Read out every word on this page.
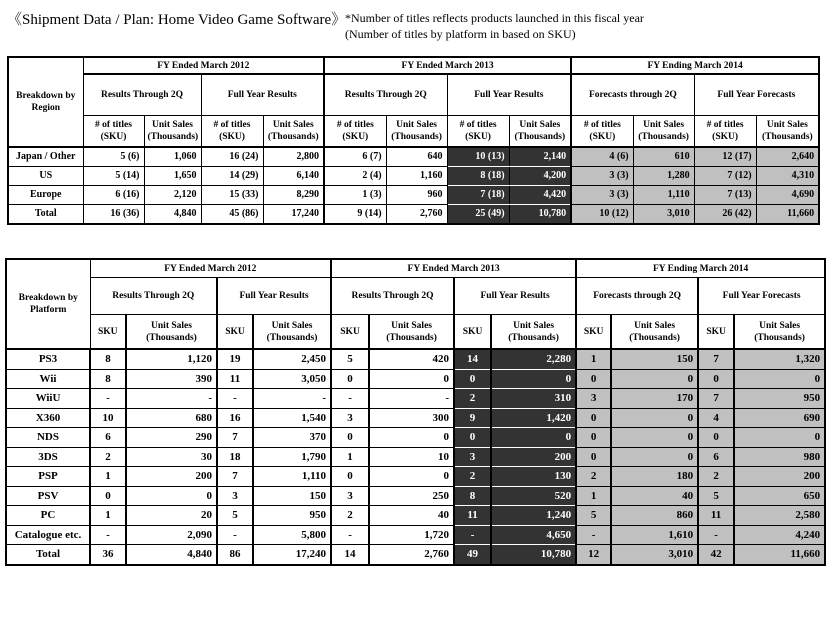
《Shipment Data / Plan: Home Video Game Software》
*Number of titles reflects products launched in this fiscal year
(Number of titles by platform in based on SKU)
Breakdown by Region	FY Ended March 2012				FY Ended March 2013				FY Ending March 2014			
	Results Through 2Q		Full Year Results		Results Through 2Q		Full Year Results		Forecasts through 2Q		Full Year Forecasts	
	# of titles (SKU)	Unit Sales (Thousands)	# of titles (SKU)	Unit Sales (Thousands)	# of titles (SKU)	Unit Sales (Thousands)	# of titles (SKU)	Unit Sales (Thousands)	# of titles (SKU)	Unit Sales (Thousands)	# of titles (SKU)	Unit Sales (Thousands)
Japan / Other	5 (6)	1,060	16 (24)	2,800	6 (7)	640	10 (13)	2,140	4 (6)	610	12 (17)	2,640
US	5 (14)	1,650	14 (29)	6,140	2 (4)	1,160	8 (18)	4,200	3 (3)	1,280	7 (12)	4,310
Europe	6 (16)	2,120	15 (33)	8,290	1 (3)	960	7 (18)	4,420	3 (3)	1,110	7 (13)	4,690
Total	16 (36)	4,840	45 (86)	17,240	9 (14)	2,760	25 (49)	10,780	10 (12)	3,010	26 (42)	11,660
Breakdown by Platform	FY Ended March 2012				FY Ended March 2013				FY Ending March 2014			
	Results Through 2Q		Full Year Results		Results Through 2Q		Full Year Results		Forecasts through 2Q		Full Year Forecasts	
	SKU	Unit Sales (Thousands)	SKU	Unit Sales (Thousands)	SKU	Unit Sales (Thousands)	SKU	Unit Sales (Thousands)	SKU	Unit Sales (Thousands)	SKU	Unit Sales (Thousands)
PS3	8	1,120	19	2,450	5	420	14	2,280	1	150	7	1,320
Wii	8	390	11	3,050	0	0	0	0	0	0	0	0
WiiU	-	-	-	-	-	-	2	310	3	170	7	950
X360	10	680	16	1,540	3	300	9	1,420	0	0	4	690
NDS	6	290	7	370	0	0	0	0	0	0	0	0
3DS	2	30	18	1,790	1	10	3	200	0	0	6	980
PSP	1	200	7	1,110	0	0	2	130	2	180	2	200
PSV	0	0	3	150	3	250	8	520	1	40	5	650
PC	1	20	5	950	2	40	11	1,240	5	860	11	2,580
Catalogue etc.	-	2,090	-	5,800	-	1,720	-	4,650	-	1,610	-	4,240
Total	36	4,840	86	17,240	14	2,760	49	10,780	12	3,010	42	11,660
